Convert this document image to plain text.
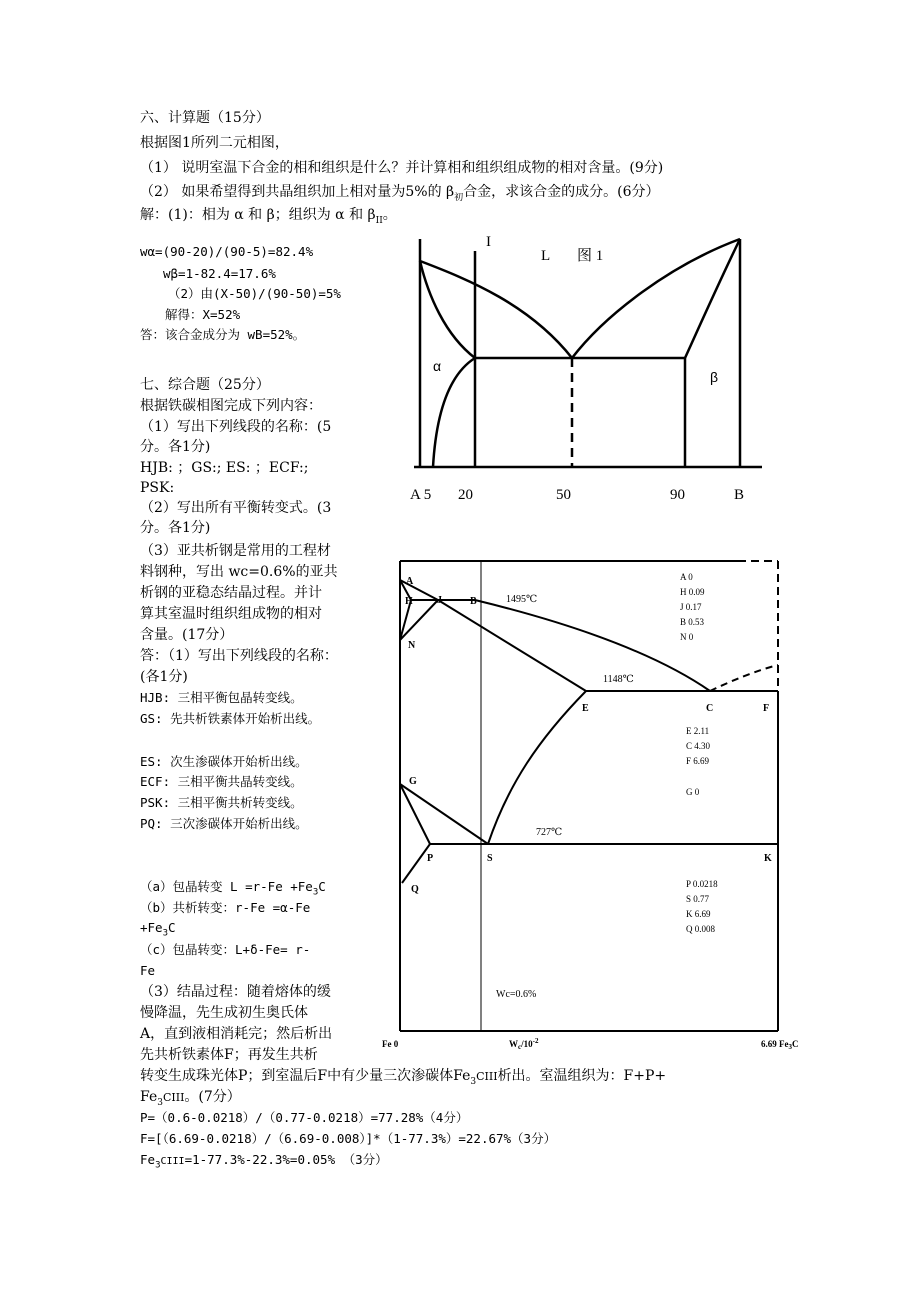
六、计算题（15分）
根据图1所列二元相图，
（1） 说明室温下合金的相和组织是什么？并计算相和组织组成物的相对含量。(9分)
（2） 如果希望得到共晶组织加上相对量为5%的 $\beta_初$合金，求该合金的成分。(6分）
解：(1)：相为 α 和 β；组织为 α 和 $\beta_{II}$。
wα=(90-20)/(90-5)=82.4%
wβ=1-82.4=17.6%
（2）由(X-50)/(90-50)=5%
解得：X=52%
答：该合金成分为 wB=52%。
I
L 图 1
α
β
A 5 20	50	90	B
七、综合题（25分）
根据铁碳相图完成下列内容：
（1）写出下列线段的名称：(5
分。各1分)
HJB: ；GS:; ES: ；ECF:;
PSK:
（2）写出所有平衡转变式。(3
分。各1分)
（3）亚共析钢是常用的工程材
料钢种，写出 wc=0.6%的亚共
析钢的亚稳态结晶过程。并计
算其室温时组织组成物的相对
含量。(17分）
答：（1）写出下列线段的名称：
(各1分)
HJB: 三相平衡包晶转变线。
GS: 先共析铁素体开始析出线。
ES: 次生渗碳体开始析出线。
ECF: 三相平衡共晶转变线。
PSK: 三相平衡共析转变线。
PQ: 三次渗碳体开始析出线。
（a）包晶转变 $L =r-Fe +Fe_3C$
（b）共析转变：r-Fe =α-Fe
$+Fe_3C$
（c）包晶转变：L+δ-Fe= r-
Fe
（3）结晶过程：随着熔体的缓
慢降温，先生成初生奥氏体
A，直到液相消耗完；然后析出
先共析铁素体F；再发生共析
转变生成珠光体P；到室温后F中有少量三次渗碳体$Fe_3CIII$析出。室温组织为：F+P+
$Fe_3CIII$。(7分）
P=（0.6-0.0218）/（0.77-0.0218）=77.28%（4分）
F=[（6.69-0.0218）/（6.69-0.008）]*（1-77.3%）=22.67%（3分）
$Fe_3CIII=1-77.3\%-22.3\%=0.05\%$ （3分）
A
H J	B
N
E	C	F
G
P	S	K
Q
1495℃
1148℃
727℃
Wc=0.6%
A 0
H 0.09
J 0.17
B 0.53
N 0
E 2.11
C 4.30
F 6.69
G 0
P 0.0218
S 0.77
K 6.69
Q 0.008
Fe 0	$W_c/10^{-2}$	6.69 $Fe_3C$
